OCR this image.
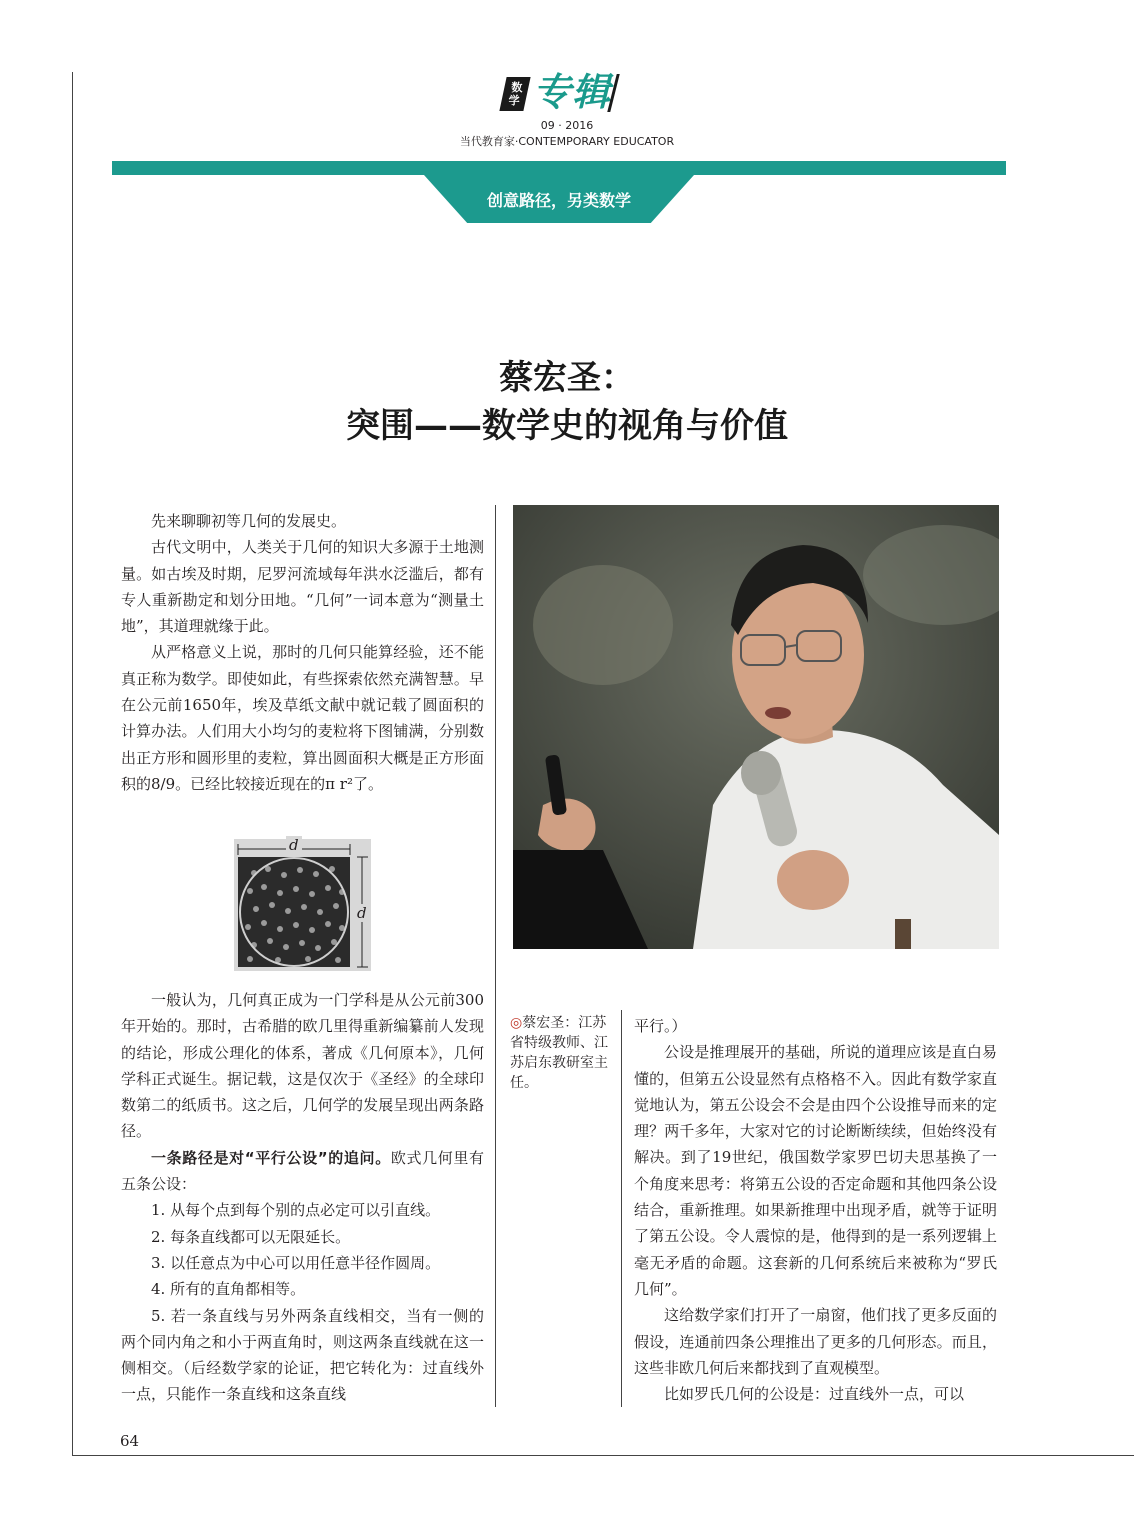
数
学 专辑
09 · 2016
当代教育家·CONTEMPORARY EDUCATOR
创意路径，另类数学
蔡宏圣：
突围——数学史的视角与价值

先来聊聊初等几何的发展史。

古代文明中，人类关于几何的知识大多源于土地测量。如古埃及时期，尼罗河流域每年洪水泛滥后，都有专人重新勘定和划分田地。“几何”一词本意为“测量土地”，其道理就缘于此。

从严格意义上说，那时的几何只能算经验，还不能真正称为数学。即使如此，有些探索依然充满智慧。早在公元前1650年，埃及草纸文献中就记载了圆面积的计算办法。人们用大小均匀的麦粒将下图铺满，分别数出正方形和圆形里的麦粒，算出圆面积大概是正方形面积的8/9。已经比较接近现在的π r²了。

d
d

一般认为，几何真正成为一门学科是从公元前300年开始的。那时，古希腊的欧几里得重新编纂前人发现的结论，形成公理化的体系，著成《几何原本》，几何学科正式诞生。据记载，这是仅次于《圣经》的全球印数第二的纸质书。这之后，几何学的发展呈现出两条路径。

一条路径是对“平行公设”的追问。欧式几何里有五条公设：

1. 从每个点到每个别的点必定可以引直线。

2. 每条直线都可以无限延长。

3. 以任意点为中心可以用任意半径作圆周。

4. 所有的直角都相等。

5. 若一条直线与另外两条直线相交，当有一侧的两个同内角之和小于两直角时，则这两条直线就在这一侧相交。（后经数学家的论证，把它转化为：过直线外一点，只能作一条直线和这条直线

◎蔡宏圣：江苏省特级教师、江苏启东教研室主任。

平行。）

公设是推理展开的基础，所说的道理应该是直白易懂的，但第五公设显然有点格格不入。因此有数学家直觉地认为，第五公设会不会是由四个公设推导而来的定理？两千多年，大家对它的讨论断断续续，但始终没有解决。到了19世纪，俄国数学家罗巴切夫思基换了一个角度来思考：将第五公设的否定命题和其他四条公设结合，重新推理。如果新推理中出现矛盾，就等于证明了第五公设。令人震惊的是，他得到的是一系列逻辑上毫无矛盾的命题。这套新的几何系统后来被称为“罗氏几何”。

这给数学家们打开了一扇窗，他们找了更多反面的假设，连通前四条公理推出了更多的几何形态。而且，这些非欧几何后来都找到了直观模型。

比如罗氏几何的公设是：过直线外一点，可以

64
